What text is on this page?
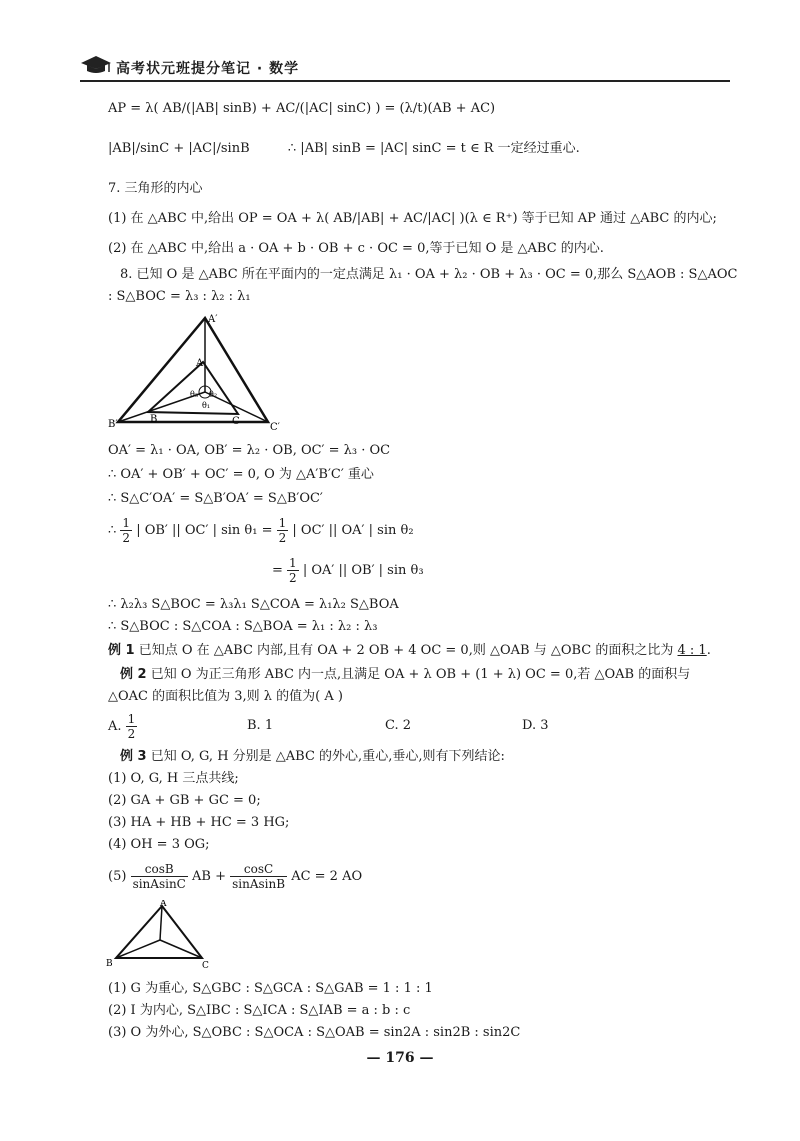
高考状元班提分笔记 · 数学
AP = λ( AB/(|AB| sinB) + AC/(|AC| sinC) ) = (λ/t)(AB + AC)
|AB|/sinC + |AC|/sinB	∴ |AB| sinB = |AC| sinC = t ∈ R 一定经过重心.
7. 三角形的内心
(1) 在 △ABC 中,给出 OP = OA + λ( AB/|AB| + AC/|AC| )(λ ∈ R⁺) 等于已知 AP 通过 △ABC 的内心;
(2) 在 △ABC 中,给出 a · OA + b · OB + c · OC = 0,等于已知 O 是 △ABC 的内心.
8. 已知 O 是 △ABC 所在平面内的一定点满足 λ₁ · OA + λ₂ · OB + λ₃ · OC = 0,那么 S△AOB : S△AOC
: S△BOC = λ₃ : λ₂ : λ₁
A′
A
B′	B	C
C′
θ₃ θ₂
θ₁
OA′ = λ₁ · OA, OB′ = λ₂ · OB, OC′ = λ₃ · OC
∴ OA′ + OB′ + OC′ = 0, O 为 △A′B′C′ 重心
∴ S△C′OA′ = S△B′OA′ = S△B′OC′
∴ $\frac{1}{2}$ | OB′ || OC′ | $\sin \theta_1 = \frac{1}{2}$ | OC′ || OA′ | sin θ₂
= $\frac{1}{2}$ | OA′ || OB′ | sin θ₃
∴ λ₂λ₃ S△BOC = λ₃λ₁ S△COA = λ₁λ₂ S△BOA
∴ S△BOC : S△COA : S△BOA = λ₁ : λ₂ : λ₃
例 1 已知点 O 在 △ABC 内部,且有 OA + 2 OB + 4 OC = 0,则 △OAB 与 △OBC 的面积之比为 4 : 1.
例 2 已知 O 为正三角形 ABC 内一点,且满足 OA + λ OB + (1 + λ) OC = 0,若 △OAB 的面积与
△OAC 的面积比值为 3,则 λ 的值为( A )
A. $\frac{1}{2}$	B. 1	C. 2	D. 3
例 3 已知 O, G, H 分别是 △ABC 的外心,重心,垂心,则有下列结论:
(1) O, G, H 三点共线;
(2) GA + GB + GC = 0;
(3) HA + HB + HC = 3 HG;
(4) OH = 3 OG;
$(5) \frac{\cos B}{\text{sinAsinC}}$ AB + $\frac{\cos C}{\text{sinAsinB}}$ AC = 2 AO
A
B	C
(1) G 为重心, S△GBC : S△GCA : S△GAB = 1 : 1 : 1
(2) I 为内心, S△IBC : S△ICA : S△IAB = a : b : c
(3) O 为外心, S△OBC : S△OCA : S△OAB = sin2A : sin2B : sin2C
— 176 —
